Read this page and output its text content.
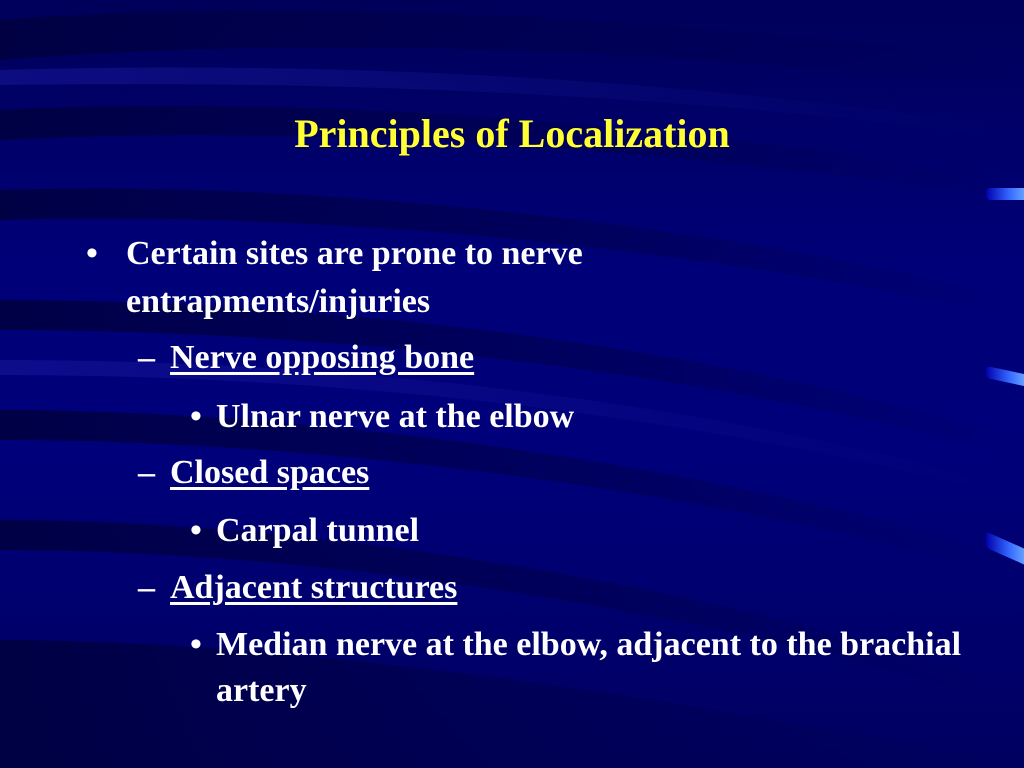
Principles of Localization
• Certain sites are prone to nerve entrapments/injuries
– Nerve opposing bone
• Ulnar nerve at the elbow
– Closed spaces
• Carpal tunnel
– Adjacent structures
• Median nerve at the elbow, adjacent to the brachial artery
